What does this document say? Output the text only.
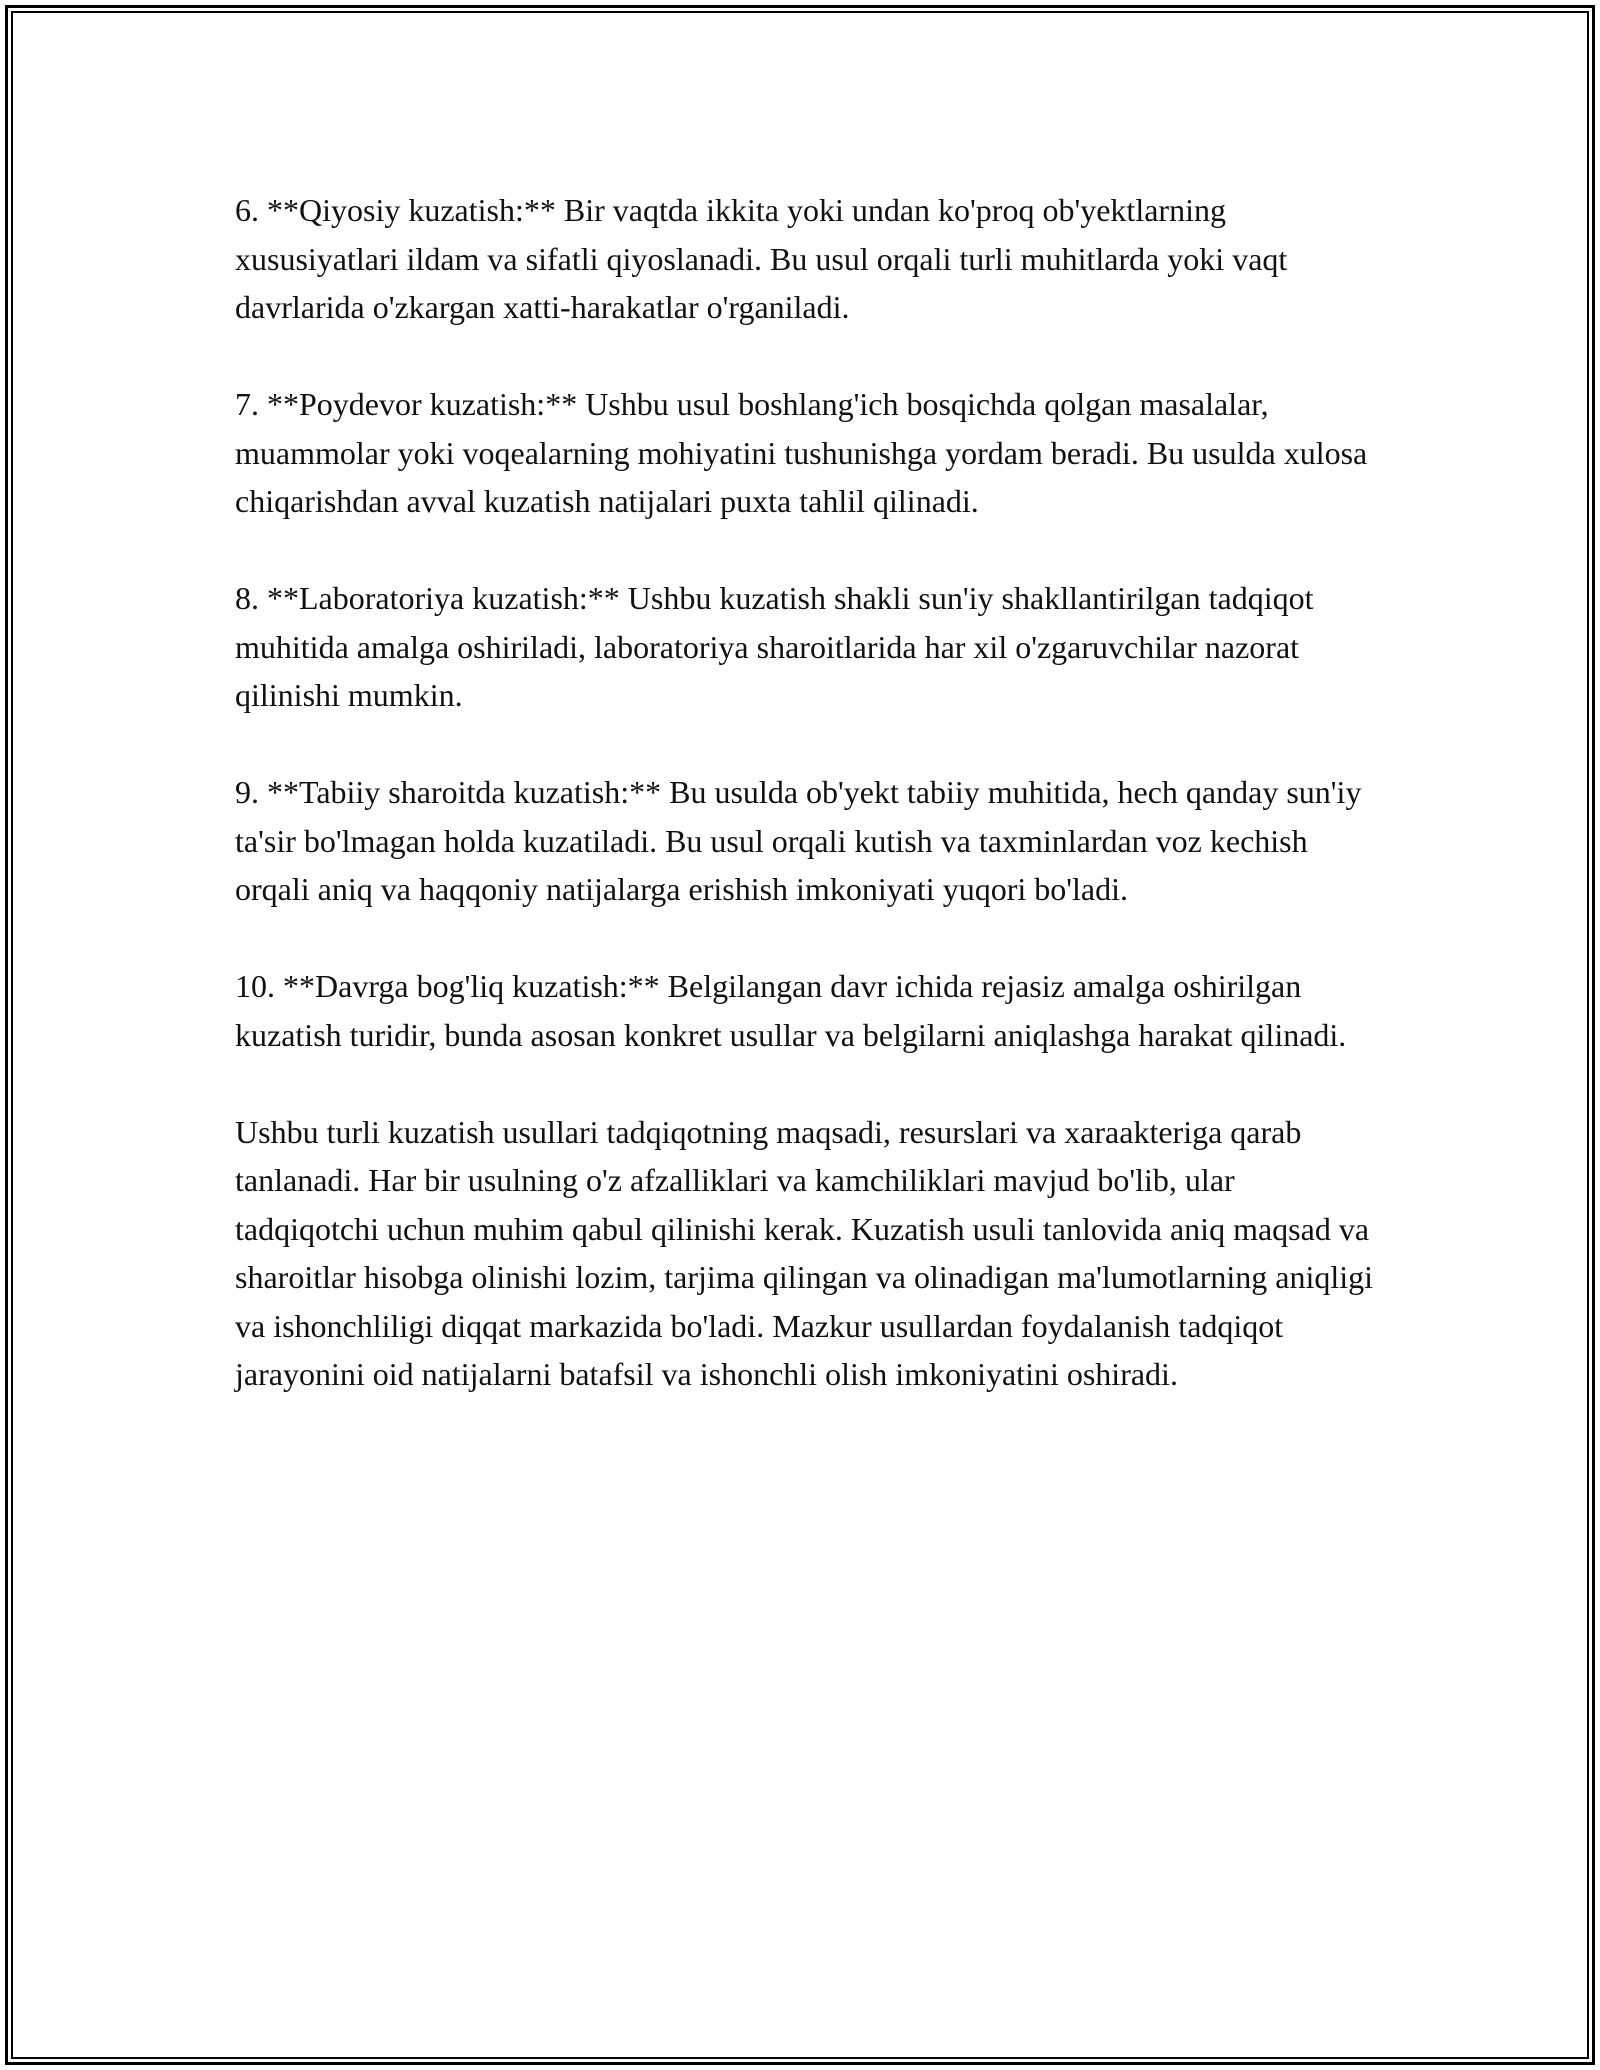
6. **Qiyosiy kuzatish:** Bir vaqtda ikkita yoki undan ko'proq ob'yektlarning xususiyatlari ildam va sifatli qiyoslanadi. Bu usul orqali turli muhitlarda yoki vaqt davrlarida o'zkargan xatti-harakatlar o'rganiladi.

7. **Poydevor kuzatish:** Ushbu usul boshlang'ich bosqichda qolgan masalalar, muammolar yoki voqealarning mohiyatini tushunishga yordam beradi. Bu usulda xulosa chiqarishdan avval kuzatish natijalari puxta tahlil qilinadi.

8. **Laboratoriya kuzatish:** Ushbu kuzatish shakli sun'iy shakllantirilgan tadqiqot muhitida amalga oshiriladi, laboratoriya sharoitlarida har xil o'zgaruvchilar nazorat qilinishi mumkin.

9. **Tabiiy sharoitda kuzatish:** Bu usulda ob'yekt tabiiy muhitida, hech qanday sun'iy ta'sir bo'lmagan holda kuzatiladi. Bu usul orqali kutish va taxminlardan voz kechish orqali aniq va haqqoniy natijalarga erishish imkoniyati yuqori bo'ladi.

10. **Davrga bog'liq kuzatish:** Belgilangan davr ichida rejasiz amalga oshirilgan kuzatish turidir, bunda asosan konkret usullar va belgilarni aniqlashga harakat qilinadi.

Ushbu turli kuzatish usullari tadqiqotning maqsadi, resurslari va xaraakteriga qarab tanlanadi. Har bir usulning o'z afzalliklari va kamchiliklari mavjud bo'lib, ular tadqiqotchi uchun muhim qabul qilinishi kerak. Kuzatish usuli tanlovida aniq maqsad va sharoitlar hisobga olinishi lozim, tarjima qilingan va olinadigan ma'lumotlarning aniqligi va ishonchliligi diqqat markazida bo'ladi. Mazkur usullardan foydalanish tadqiqot jarayonini oid natijalarni batafsil va ishonchli olish imkoniyatini oshiradi.
